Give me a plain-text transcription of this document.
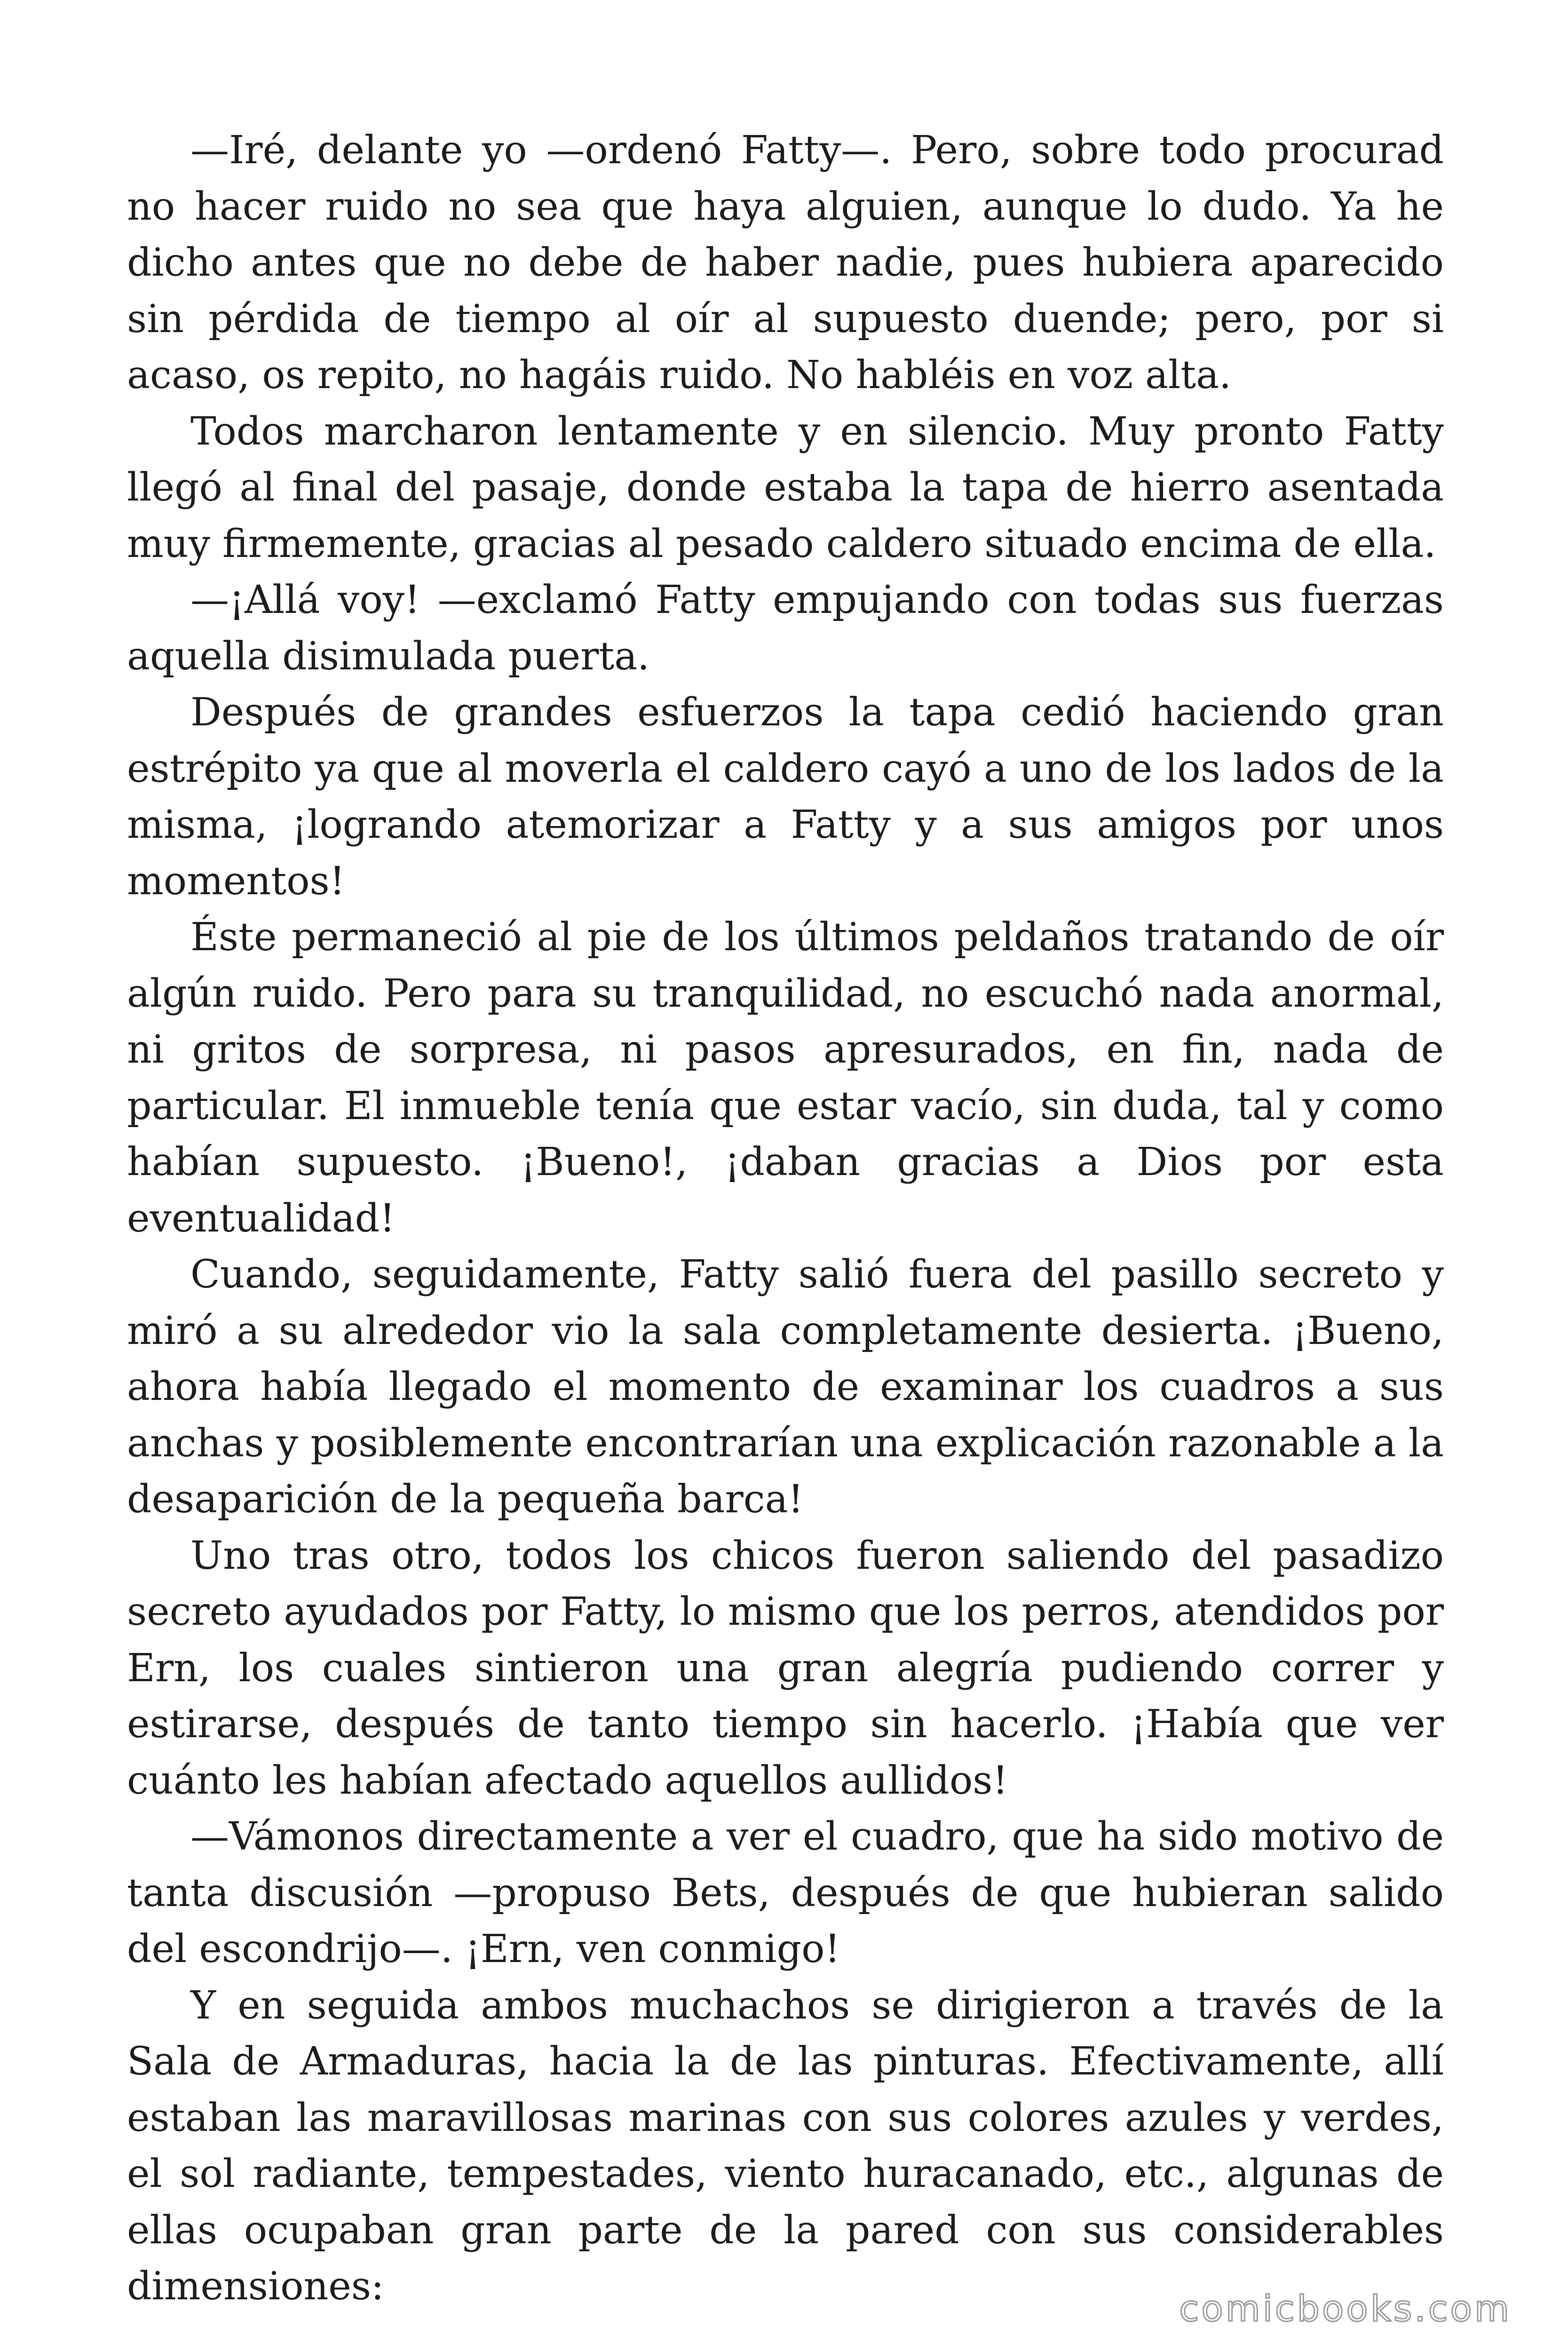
—Iré, delante yo —ordenó Fatty—. Pero, sobre todo procurad no hacer ruido no sea que haya alguien, aunque lo dudo. Ya he dicho antes que no debe de haber nadie, pues hubiera aparecido sin pérdida de tiempo al oír al supuesto duende; pero, por si acaso, os repito, no hagáis ruido. No habléis en voz alta.

Todos marcharon lentamente y en silencio. Muy pronto Fatty llegó al final del pasaje, donde estaba la tapa de hierro asentada muy firmemente, gracias al pesado caldero situado encima de ella.

—¡Allá voy! —exclamó Fatty empujando con todas sus fuerzas aquella disimulada puerta.

Después de grandes esfuerzos la tapa cedió haciendo gran estrépito ya que al moverla el caldero cayó a uno de los lados de la misma, ¡logrando atemorizar a Fatty y a sus amigos por unos momentos!

Éste permaneció al pie de los últimos peldaños tratando de oír algún ruido. Pero para su tranquilidad, no escuchó nada anormal, ni gritos de sorpresa, ni pasos apresurados, en fin, nada de particular. El inmueble tenía que estar vacío, sin duda, tal y como habían supuesto. ¡Bueno!, ¡daban gracias a Dios por esta eventualidad!

Cuando, seguidamente, Fatty salió fuera del pasillo secreto y miró a su alrededor vio la sala completamente desierta. ¡Bueno, ahora había llegado el momento de examinar los cuadros a sus anchas y posiblemente encontrarían una explicación razonable a la desaparición de la pequeña barca!

Uno tras otro, todos los chicos fueron saliendo del pasadizo secreto ayudados por Fatty, lo mismo que los perros, atendidos por Ern, los cuales sintieron una gran alegría pudiendo correr y estirarse, después de tanto tiempo sin hacerlo. ¡Había que ver cuánto les habían afectado aquellos aullidos!

—Vámonos directamente a ver el cuadro, que ha sido motivo de tanta discusión —propuso Bets, después de que hubieran salido del escondrijo—. ¡Ern, ven conmigo!

Y en seguida ambos muchachos se dirigieron a través de la Sala de Armaduras, hacia la de las pinturas. Efectivamente, allí estaban las maravillosas marinas con sus colores azules y verdes, el sol radiante, tempestades, viento huracanado, etc., algunas de ellas ocupaban gran parte de la pared con sus considerables dimensiones:	comicbooks.com
